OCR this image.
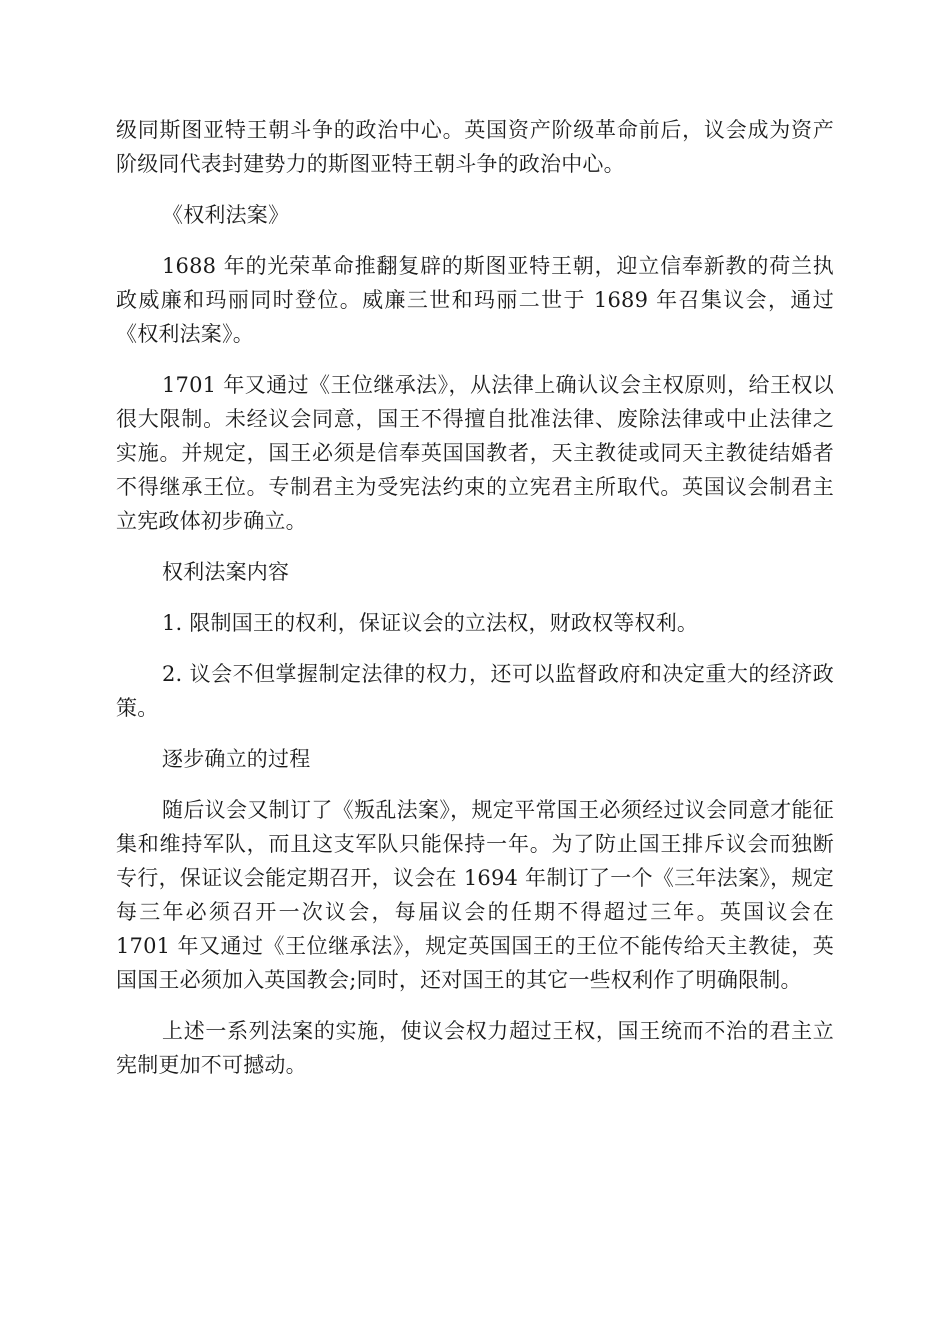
级同斯图亚特王朝斗争的政治中心。英国资产阶级革命前后，议会成为资产阶级同代表封建势力的斯图亚特王朝斗争的政治中心。

《权利法案》

1688 年的光荣革命推翻复辟的斯图亚特王朝，迎立信奉新教的荷兰执政威廉和玛丽同时登位。威廉三世和玛丽二世于 1689 年召集议会，通过《权利法案》。

1701 年又通过《王位继承法》，从法律上确认议会主权原则，给王权以很大限制。未经议会同意，国王不得擅自批准法律、废除法律或中止法律之实施。并规定，国王必须是信奉英国国教者，天主教徒或同天主教徒结婚者不得继承王位。专制君主为受宪法约束的立宪君主所取代。英国议会制君主立宪政体初步确立。

权利法案内容

1. 限制国王的权利，保证议会的立法权，财政权等权利。

2. 议会不但掌握制定法律的权力，还可以监督政府和决定重大的经济政策。

逐步确立的过程

随后议会又制订了《叛乱法案》，规定平常国王必须经过议会同意才能征集和维持军队，而且这支军队只能保持一年。为了防止国王排斥议会而独断专行，保证议会能定期召开，议会在 1694 年制订了一个《三年法案》，规定每三年必须召开一次议会，每届议会的任期不得超过三年。英国议会在 1701 年又通过《王位继承法》，规定英国国王的王位不能传给天主教徒，英国国王必须加入英国教会;同时，还对国王的其它一些权利作了明确限制。

上述一系列法案的实施，使议会权力超过王权，国王统而不治的君主立宪制更加不可撼动。
